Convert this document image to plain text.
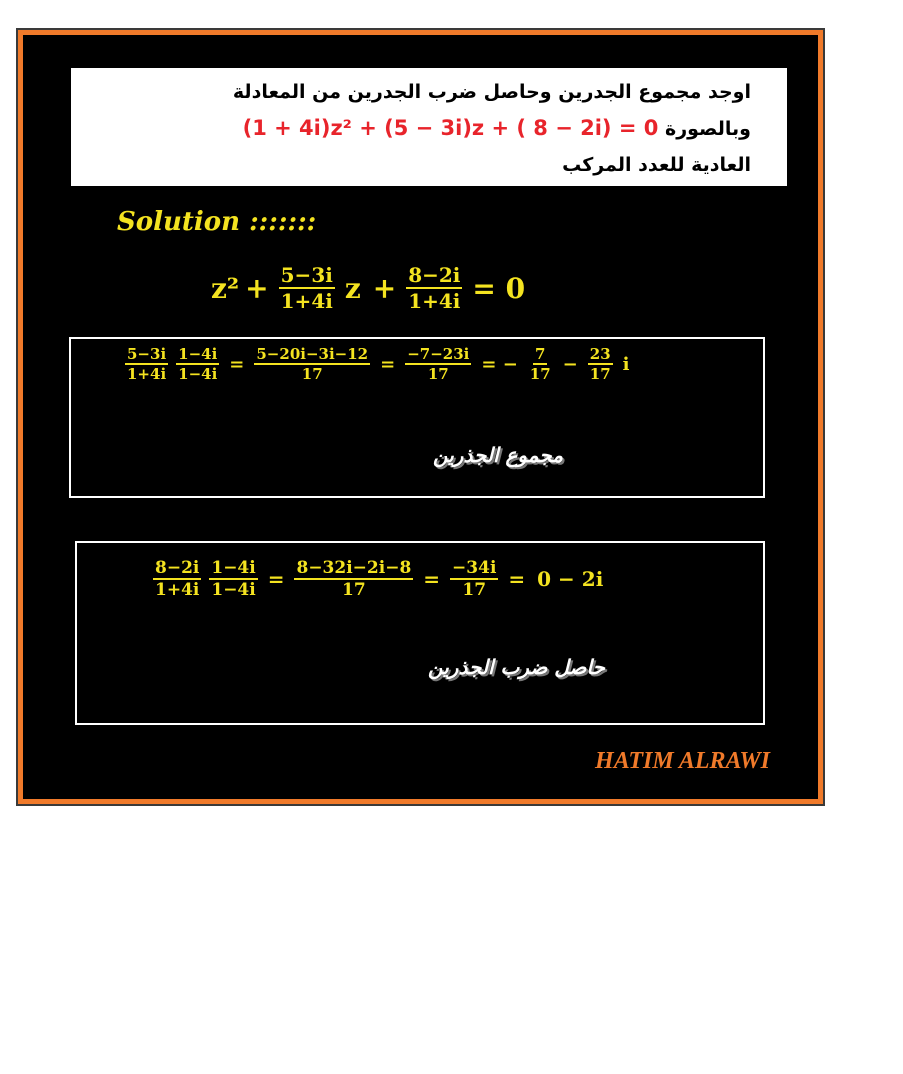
اوجد مجموع الجدرين وحاصل ضرب الجدرين من المعادلة
وبالصورة (1 + 4i)z² + (5 − 3i)z + ( 8 − 2i) = 0
العادية للعدد المركب
Solution :::::::
$z^2 + \frac{5-3i}{1+4i}$ $z + \frac{8-2i}{1+4i} = 0$
$\frac{5-3i}{1+4i} \frac{1-4i}{1-4i} = \frac{5-20i-3i-12}{17} = \frac{-7-23i}{17}$ = − $\frac{7}{17} - \frac{23}{17}$ i
مجموع الجذرين
$\frac{8-2i}{1+4i} \frac{1-4i}{1-4i} = \frac{8-32i-2i-8}{17} = \frac{-34i}{17} = 0 - 2i$
حاصل ضرب الجذرين
HATIM ALRAWI
